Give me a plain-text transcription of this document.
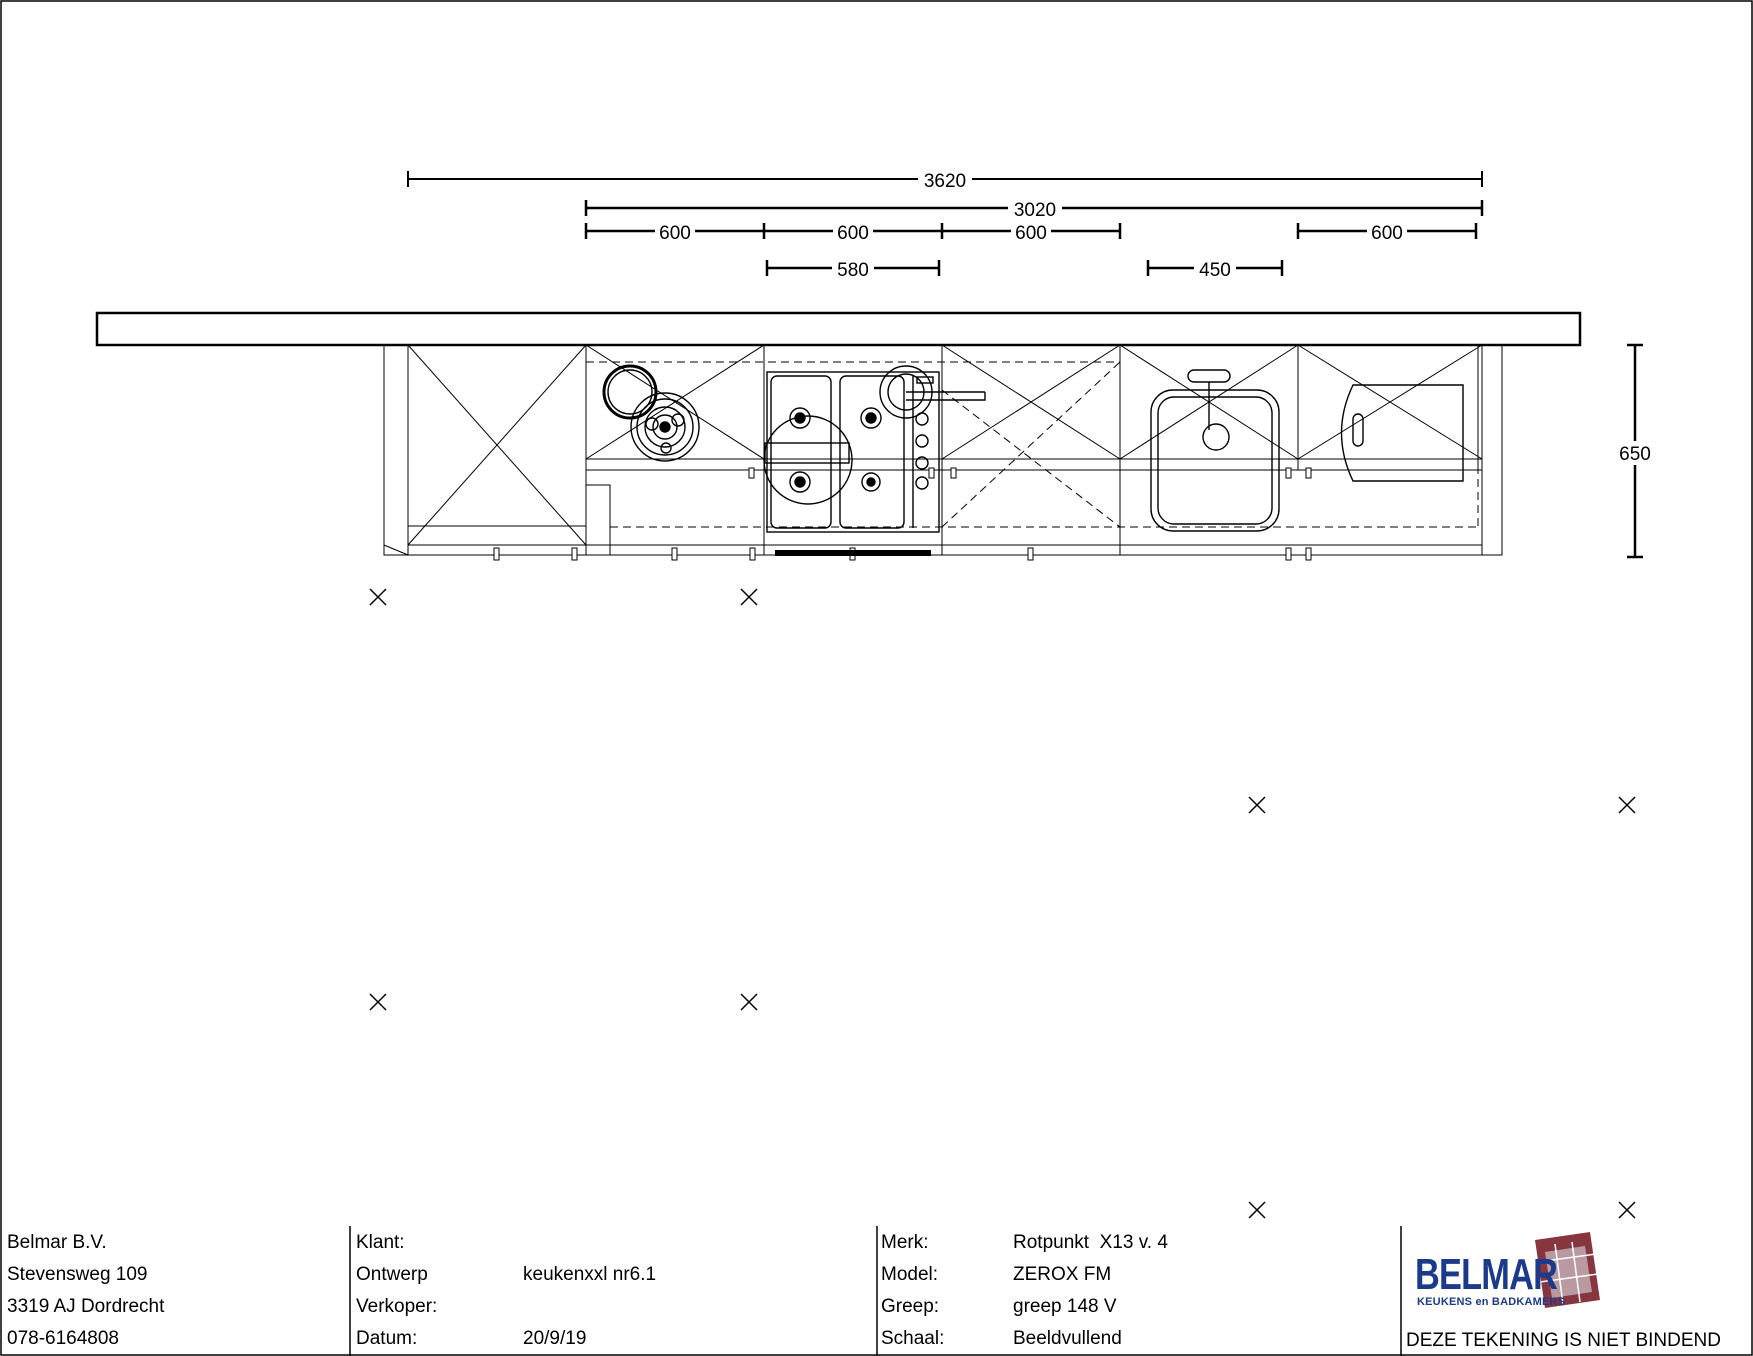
3620
3020
600	600	600	600
580	450
650
Belmar B.V.
Stevensweg 109
3319 AJ Dordrecht
078-6164808
Klant:
Ontwerp	keukenxxl nr6.1
Verkoper:
Datum:	20/9/19
Merk:	Rotpunkt  X13 v. 4
Model:	ZEROX FM
Greep:	greep 148 V
Schaal:	Beeldvullend
BELMAR
KEUKENS en BADKAMERS
DEZE TEKENING IS NIET BINDEND
